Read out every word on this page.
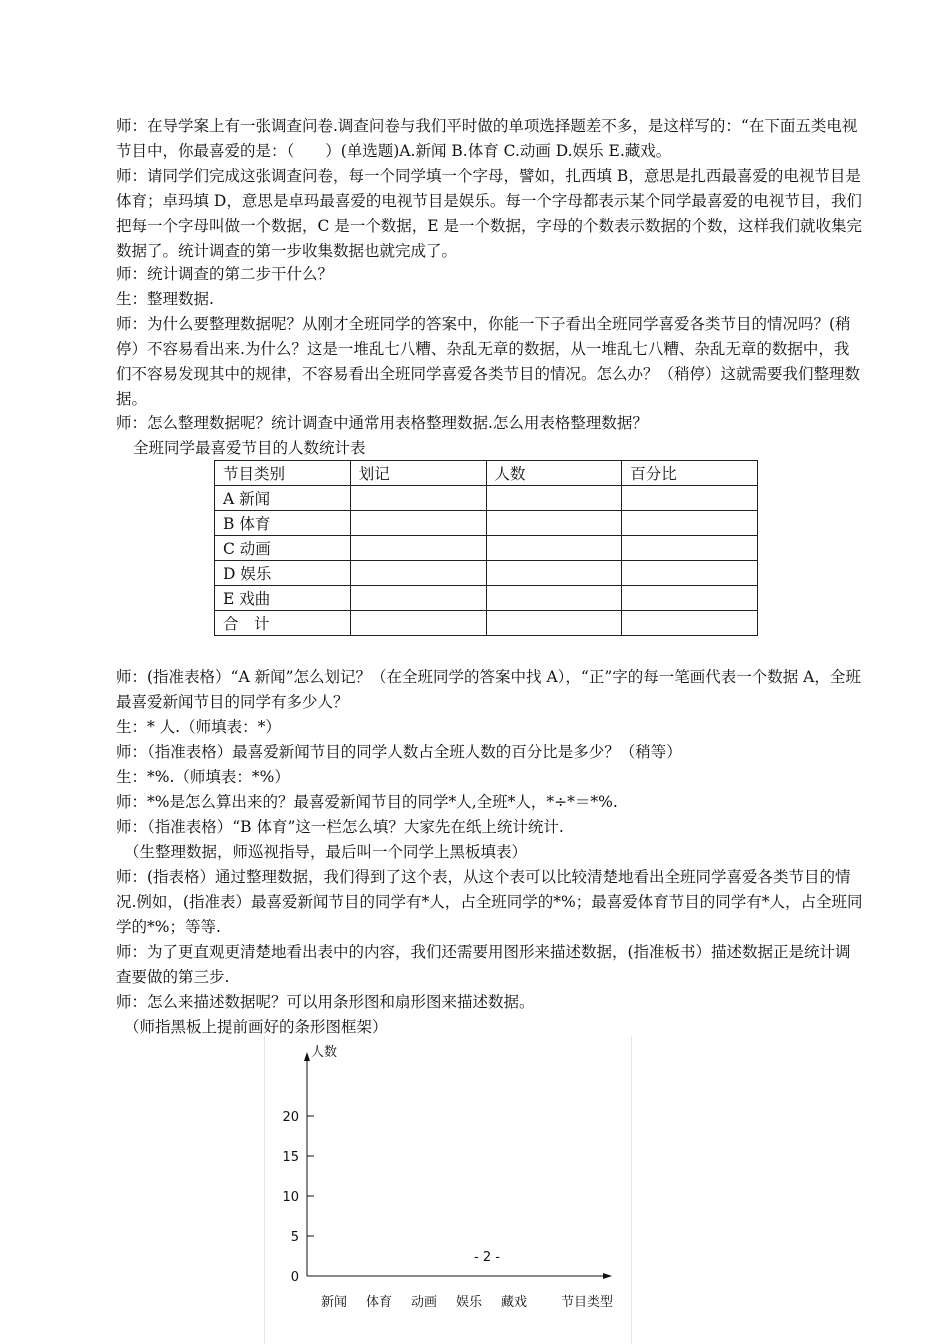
师：在导学案上有一张调查问卷.调查问卷与我们平时做的单项选择题差不多，是这样写的：“在下面五类电视节目中，你最喜爱的是：（　　）(单选题)A.新闻 B.体育 C.动画 D.娱乐 E.藏戏。

师：请同学们完成这张调查问卷，每一个同学填一个字母，譬如，扎西填 B，意思是扎西最喜爱的电视节目是体育；卓玛填 D，意思是卓玛最喜爱的电视节目是娱乐。每一个字母都表示某个同学最喜爱的电视节目，我们把每一个字母叫做一个数据，C 是一个数据，E 是一个数据，字母的个数表示数据的个数，这样我们就收集完数据了。统计调查的第一步收集数据也就完成了。

师：统计调查的第二步干什么？

生：整理数据.

师：为什么要整理数据呢？从刚才全班同学的答案中，你能一下子看出全班同学喜爱各类节目的情况吗？(稍停）不容易看出来.为什么？这是一堆乱七八糟、杂乱无章的数据，从一堆乱七八糟、杂乱无章的数据中，我们不容易发现其中的规律，不容易看出全班同学喜爱各类节目的情况。怎么办？（稍停）这就需要我们整理数据。

师：怎么整理数据呢？统计调查中通常用表格整理数据.怎么用表格整理数据？

全班同学最喜爱节目的人数统计表
节目类别	划记	人数	百分比
A 新闻			
B 体育			
C 动画			
D 娱乐			
E 戏曲			
合　计			

师：(指准表格）“A 新闻”怎么划记？（在全班同学的答案中找 A），“正”字的每一笔画代表一个数据 A，全班最喜爱新闻节目的同学有多少人？

生：* 人.（师填表：*）

师：（指准表格）最喜爱新闻节目的同学人数占全班人数的百分比是多少？（稍等）

生：*%.（师填表：*%）

师：*%是怎么算出来的？最喜爱新闻节目的同学*人,全班*人，*÷*＝*%.

师：（指准表格）“B 体育”这一栏怎么填？大家先在纸上统计统计.

（生整理数据，师巡视指导，最后叫一个同学上黑板填表）

师：(指表格）通过整理数据，我们得到了这个表，从这个表可以比较清楚地看出全班同学喜爱各类节目的情况.例如，(指准表）最喜爱新闻节目的同学有*人，占全班同学的*%；最喜爱体育节目的同学有*人，占全班同学的*%；等等.

师：为了更直观更清楚地看出表中的内容，我们还需要用图形来描述数据，(指准板书）描述数据正是统计调查要做的第三步.

师：怎么来描述数据呢？可以用条形图和扇形图来描述数据。

（师指黑板上提前画好的条形图框架）

人数
节目类型
0
5
10
15
20
新闻 体育 动画 娱乐 藏戏
- 2 -
